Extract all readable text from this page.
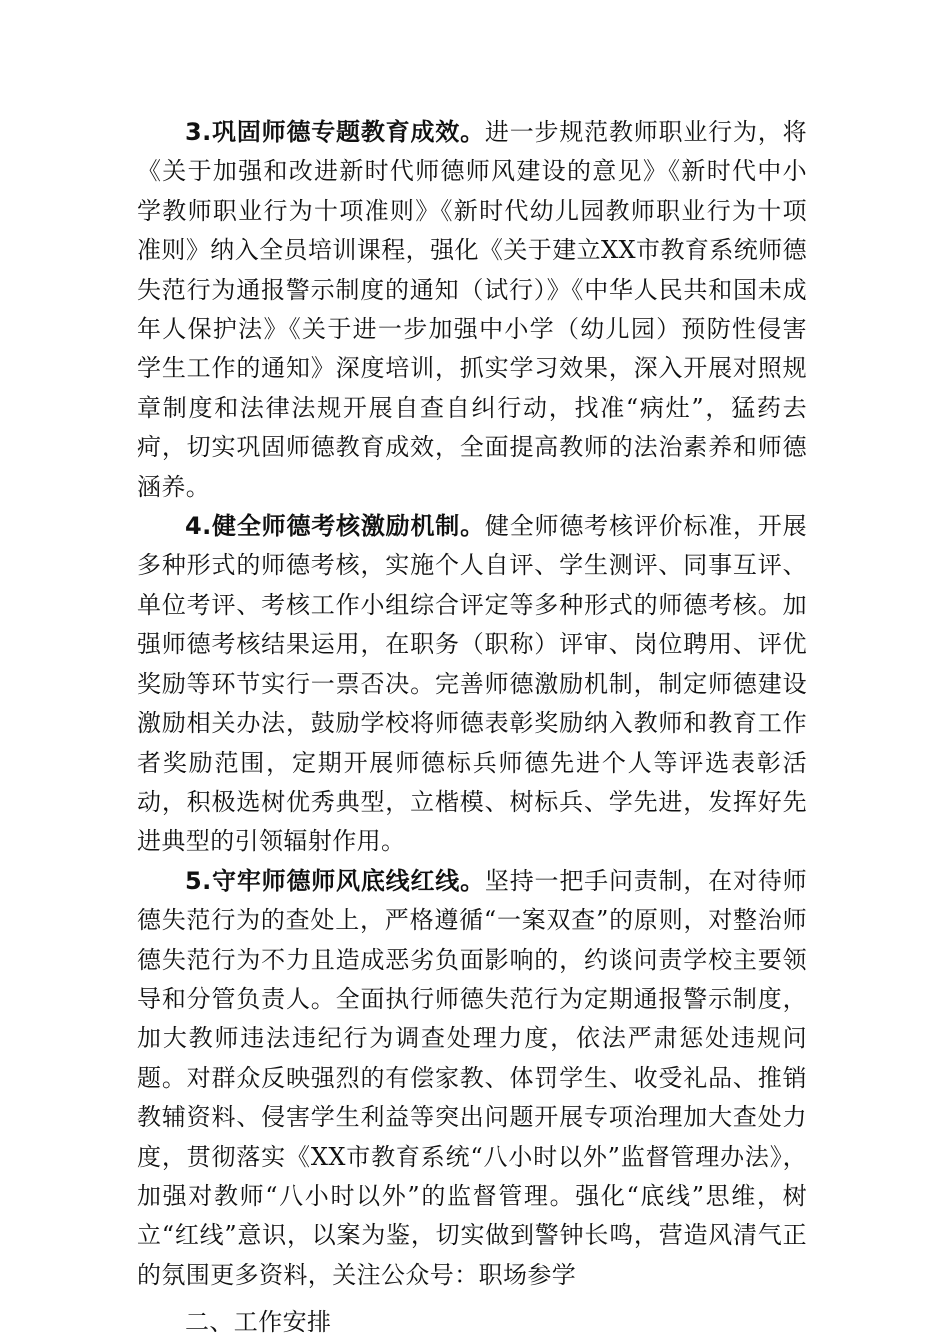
3.巩固师德专题教育成效。进一步规范教师职业行为，将《关于加强和改进新时代师德师风建设的意见》《新时代中小学教师职业行为十项准则》《新时代幼儿园教师职业行为十项准则》纳入全员培训课程，强化《关于建立XX市教育系统师德失范行为通报警示制度的通知（试行）》《中华人民共和国未成年人保护法》《关于进一步加强中小学（幼儿园）预防性侵害学生工作的通知》深度培训，抓实学习效果，深入开展对照规章制度和法律法规开展自查自纠行动，找准“病灶”，猛药去疴，切实巩固师德教育成效，全面提高教师的法治素养和师德涵养。

4.健全师德考核激励机制。健全师德考核评价标准，开展多种形式的师德考核，实施个人自评、学生测评、同事互评、单位考评、考核工作小组综合评定等多种形式的师德考核。加强师德考核结果运用，在职务（职称）评审、岗位聘用、评优奖励等环节实行一票否决。完善师德激励机制，制定师德建设激励相关办法，鼓励学校将师德表彰奖励纳入教师和教育工作者奖励范围，定期开展师德标兵师德先进个人等评选表彰活动，积极选树优秀典型，立楷模、树标兵、学先进，发挥好先进典型的引领辐射作用。

5.守牢师德师风底线红线。坚持一把手问责制，在对待师德失范行为的查处上，严格遵循“一案双查”的原则，对整治师德失范行为不力且造成恶劣负面影响的，约谈问责学校主要领导和分管负责人。全面执行师德失范行为定期通报警示制度，加大教师违法违纪行为调查处理力度，依法严肃惩处违规问题。对群众反映强烈的有偿家教、体罚学生、收受礼品、推销教辅资料、侵害学生利益等突出问题开展专项治理加大查处力度，贯彻落实《XX市教育系统“八小时以外”监督管理办法》，加强对教师“八小时以外”的监督管理。强化“底线”思维，树立“红线”意识，以案为鉴，切实做到警钟长鸣，营造风清气正的氛围更多资料，关注公众号：职场参学

二、工作安排
